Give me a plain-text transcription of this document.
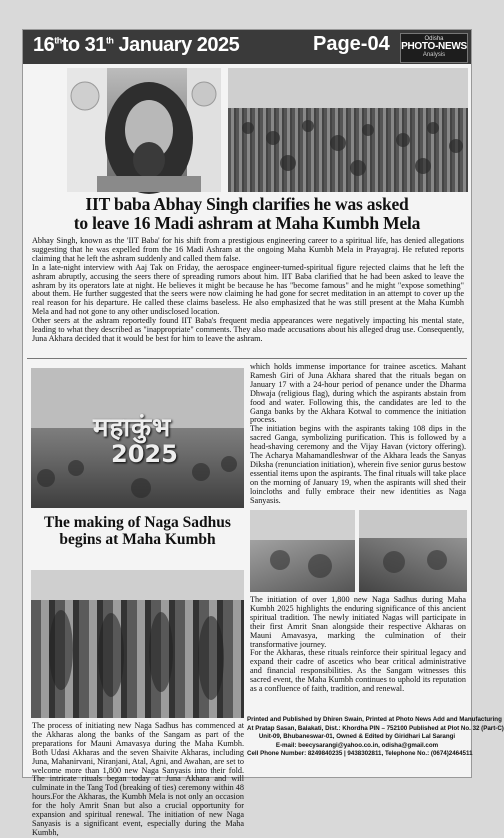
16thto 31th January 2025	Page-04	Odisha
PHOTO-NEWS
Analysis
IIT baba Abhay Singh clarifies he was asked
to leave 16 Madi ashram at Maha Kumbh Mela

Abhay Singh, known as the 'IIT Baba' for his shift from a prestigious engineering career to a spiritual life, has denied allegations suggesting that he was expelled from the 16 Madi Ashram at the ongoing Maha Kumbh Mela in Prayagraj. He refuted reports claiming that he left the ashram suddenly and called them false.

In a late-night interview with Aaj Tak on Friday, the aerospace engineer-turned-spiritual figure rejected claims that he left the ashram abruptly, accusing the seers there of spreading rumors about him. IIT Baba clarified that he had been asked to leave the ashram by its operators late at night. He believes it might be because he has "become famous" and he might "expose something" about them. He further suggested that the seers were now claiming he had gone for secret meditation in an attempt to cover up the real reason for his departure. He called these claims baseless. He also emphasized that he was still present at the Maha Kumbh Mela and had not gone to any other undisclosed location.

Other seers at the ashram reportedly found IIT Baba's frequent media appearances were negatively impacting his mental state, leading to what they described as "inappropriate" comments. They also made accusations about his alleged drug use. Consequently, Juna Akhara decided that it would be best for him to leave the ashram.

महाकुंभ
2025
The making of Naga Sadhus
begins at Maha Kumbh

which holds immense importance for trainee ascetics. Mahant Ramesh Giri of Juna Akhara shared that the rituals began on January 17 with a 24-hour period of penance under the Dharma Dhwaja (religious flag), during which the aspirants abstain from food and water. Following this, the candidates are led to the Ganga banks by the Akhara Kotwal to commence the initiation process.

The initiation begins with the aspirants taking 108 dips in the sacred Ganga, symbolizing purification. This is followed by a head-shaving ceremony and the Vijay Havan (victory offering). The Acharya Mahamandleshwar of the Akhara leads the Sanyas Diksha (renunciation initiation), wherein five senior gurus bestow essential items upon the aspirants. The final rituals will take place on the morning of January 19, when the aspirants will shed their loincloths and fully embrace their new identities as Naga Sanyasis.

The initiation of over 1,800 new Naga Sadhus during Maha Kumbh 2025 highlights the enduring significance of this ancient spiritual tradition. The newly initiated Nagas will participate in their first Amrit Snan alongside their respective Akharas on Mauni Amavasya, marking the culmination of their transformative journey.

For the Akharas, these rituals reinforce their spiritual legacy and expand their cadre of ascetics who bear critical administrative and financial responsibilities. As the Sangam witnesses this sacred event, the Maha Kumbh continues to uphold its reputation as a confluence of faith, tradition, and renewal.

The process of initiating new Naga Sadhus has commenced at the Akharas along the banks of the Sangam as part of the preparations for Mauni Amavasya during the Maha Kumbh. Both Udasi Akharas and the seven Shaivite Akharas, including Juna, Mahanirvani, Niranjani, Atal, Agni, and Awahan, are set to welcome more than 1,800 new Naga Sanyasis into their fold. The intricate rituals began today at Juna Akhara and will culminate in the Tang Tod (breaking of ties) ceremony within 48 hours.For the Akharas, the Kumbh Mela is not only an occasion for the holy Amrit Snan but also a crucial opportunity for expansion and spiritual renewal. The initiation of new Naga Sanyasis is a significant event, especially during the Maha Kumbh,

Printed and Published by Dhiren Swain, Printed at Photo News Add and Manufacturing
At Pratap Sasan, Balakati, Dist.: Khordha PIN – 752100 Published at Plot No. 32 (Part-C)
Unit-09, Bhubaneswar-01, Owned & Edited by Giridhari Lal Sarangi
E-mail: beecysarangi@yahoo.co.in, odisha@gmail.com
Cell Phone Number: 8249840235 | 9438302811, Telephone No.: (0674)2464511
